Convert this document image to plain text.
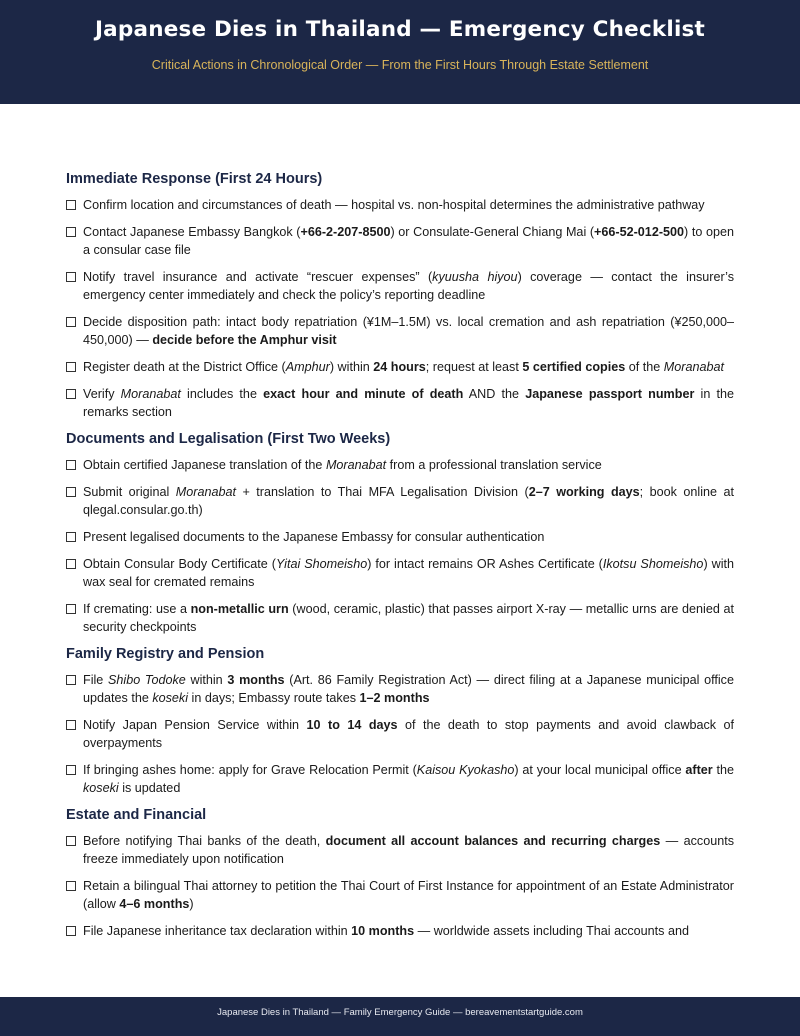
Japanese Dies in Thailand — Emergency Checklist
Critical Actions in Chronological Order — From the First Hours Through Estate Settlement
Immediate Response (First 24 Hours)
Confirm location and circumstances of death — hospital vs. non-hospital determines the administrative pathway
Contact Japanese Embassy Bangkok (+66-2-207-8500) or Consulate-General Chiang Mai (+66-52-012-500) to open a consular case file
Notify travel insurance and activate “rescuer expenses” (kyuusha hiyou) coverage — contact the insurer’s emergency center immediately and check the policy’s reporting deadline
Decide disposition path: intact body repatriation (¥1M–1.5M) vs. local cremation and ash repatriation (¥250,000–450,000) — decide before the Amphur visit
Register death at the District Office (Amphur) within 24 hours; request at least 5 certified copies of the Moranabat
Verify Moranabat includes the exact hour and minute of death AND the Japanese passport number in the remarks section
Documents and Legalisation (First Two Weeks)
Obtain certified Japanese translation of the Moranabat from a professional translation service
Submit original Moranabat + translation to Thai MFA Legalisation Division (2–7 working days; book online at qlegal.consular.go.th)
Present legalised documents to the Japanese Embassy for consular authentication
Obtain Consular Body Certificate (Yitai Shomeisho) for intact remains OR Ashes Certificate (Ikotsu Shomeisho) with wax seal for cremated remains
If cremating: use a non-metallic urn (wood, ceramic, plastic) that passes airport X-ray — metallic urns are denied at security checkpoints
Family Registry and Pension
File Shibo Todoke within 3 months (Art. 86 Family Registration Act) — direct filing at a Japanese municipal office updates the koseki in days; Embassy route takes 1–2 months
Notify Japan Pension Service within 10 to 14 days of the death to stop payments and avoid clawback of overpayments
If bringing ashes home: apply for Grave Relocation Permit (Kaisou Kyokasho) at your local municipal office after the koseki is updated
Estate and Financial
Before notifying Thai banks of the death, document all account balances and recurring charges — accounts freeze immediately upon notification
Retain a bilingual Thai attorney to petition the Thai Court of First Instance for appointment of an Estate Administrator (allow 4–6 months)
File Japanese inheritance tax declaration within 10 months — worldwide assets including Thai accounts and
Japanese Dies in Thailand — Family Emergency Guide — bereavementstartguide.com
